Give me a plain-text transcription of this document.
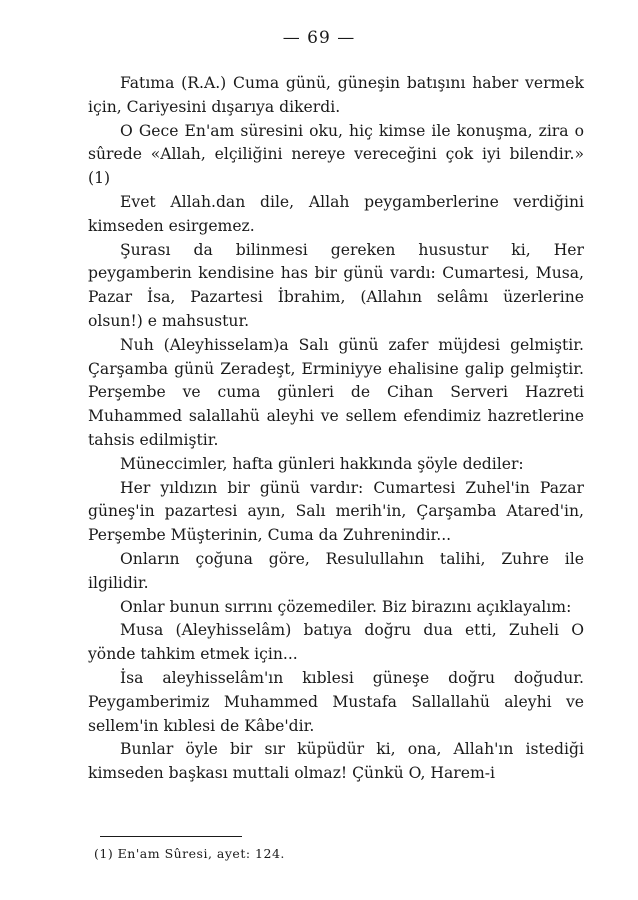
— 69 —

Fatıma (R.A.) Cuma günü, güneşin batışını haber vermek için, Cariyesini dışarıya dikerdi.

O Gece En'am süresini oku, hiç kimse ile konuşma, zira o sûrede «Allah, elçiliğini nereye vereceğini çok iyi bilendir.» (1)

Evet Allah.dan dile, Allah peygamberlerine verdiğini kimseden esirgemez.

Şurası da bilinmesi gereken husustur ki, Her peygamberin kendisine has bir günü vardı: Cumartesi, Musa, Pazar İsa, Pazartesi İbrahim, (Allahın selâmı üzerlerine olsun!) e mahsustur.

Nuh (Aleyhisselam)a Salı günü zafer müjdesi gelmiştir. Çarşamba günü Zeradeşt, Erminiyye ehalisine galip gelmiştir. Perşembe ve cuma günleri de Cihan Serveri Hazreti Muhammed salallahü aleyhi ve sellem efendimiz hazretlerine tahsis edilmiştir.

Müneccimler, hafta günleri hakkında şöyle dediler:

Her yıldızın bir günü vardır: Cumartesi Zuhel'in Pazar güneş'in pazartesi ayın, Salı merih'in, Çarşamba Atared'in, Perşembe Müşterinin, Cuma da Zuhrenindir...

Onların çoğuna göre, Resulullahın talihi, Zuhre ile ilgilidir.

Onlar bunun sırrını çözemediler. Biz birazını açıklayalım:

Musa (Aleyhisselâm) batıya doğru dua etti, Zuheli O yönde tahkim etmek için...

İsa aleyhisselâm'ın kıblesi güneşe doğru doğudur. Peygamberimiz Muhammed Mustafa Sallallahü aleyhi ve sellem'in kıblesi de Kâbe'dir.

Bunlar öyle bir sır küpüdür ki, ona, Allah'ın istediği kimseden başkası muttali olmaz! Çünkü O, Harem-i

(1) En'am Sûresi, ayet: 124.
